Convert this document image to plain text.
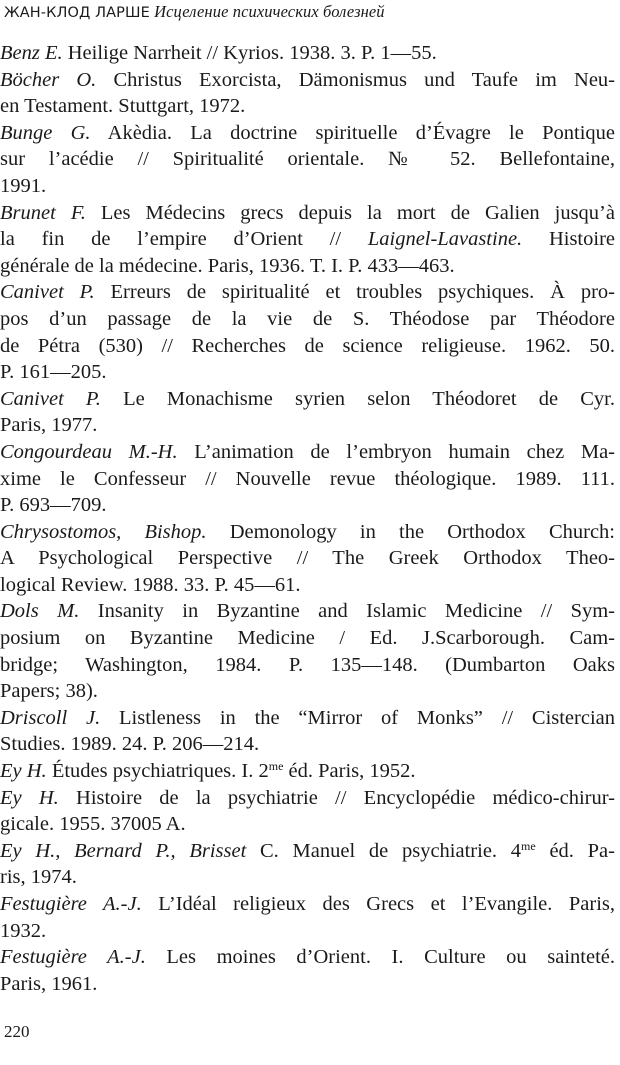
ЖАН-КЛОД ЛАРШЕ Исцеление психических болезней
Benz E. Heilige Narrheit // Kyrios. 1938. 3. P. 1—55.
Böcher O. Christus Exorcista, Dämonismus und Taufe im Neu-
en Testament. Stuttgart, 1972.
Bunge G. Akèdia. La doctrine spirituelle d’Évagre le Pontique
sur l’acédie // Spiritualité orientale. № 52. Bellefontaine,
1991.
Brunet F. Les Médecins grecs depuis la mort de Galien jusqu’à
la fin de l’empire d’Orient // Laignel-Lavastine. Histoire
générale de la médecine. Paris, 1936. T. I. P. 433—463.
Canivet P. Erreurs de spiritualité et troubles psychiques. À pro-
pos d’un passage de la vie de S. Théodose par Théodore
de Pétra (530) // Recherches de science religieuse. 1962. 50.
P. 161—205.
Canivet P. Le Monachisme syrien selon Théodoret de Cyr.
Paris, 1977.
Congourdeau M.-H. L’animation de l’embryon humain chez Ma-
xime le Confesseur // Nouvelle revue théologique. 1989. 111.
P. 693—709.
Chrysostomos, Bishop. Demonology in the Orthodox Church:
A Psychological Perspective // The Greek Orthodox Theo-
logical Review. 1988. 33. P. 45—61.
Dols M. Insanity in Byzantine and Islamic Medicine // Sym-
posium on Byzantine Medicine / Ed. J.Scarborough. Cam-
bridge; Washington, 1984. P. 135—148. (Dumbarton Oaks
Papers; 38).
Driscoll J. Listleness in the “Mirror of Monks” // Cistercian
Studies. 1989. 24. P. 206—214.
Ey H. Études psychiatriques. I. $2^{me}$ éd. Paris, 1952.
Ey H. Histoire de la psychiatrie // Encyclopédie médico-chirur-
gicale. 1955. 37005 A.
Ey H., Bernard P., Brisset C. Manuel de psychiatrie. $4^{me}$ éd. Pa-
ris, 1974.
Festugière A.-J. L’Idéal religieux des Grecs et l’Evangile. Paris,
1932.
Festugière A.-J. Les moines d’Orient. I. Culture ou sainteté.
Paris, 1961.
220
